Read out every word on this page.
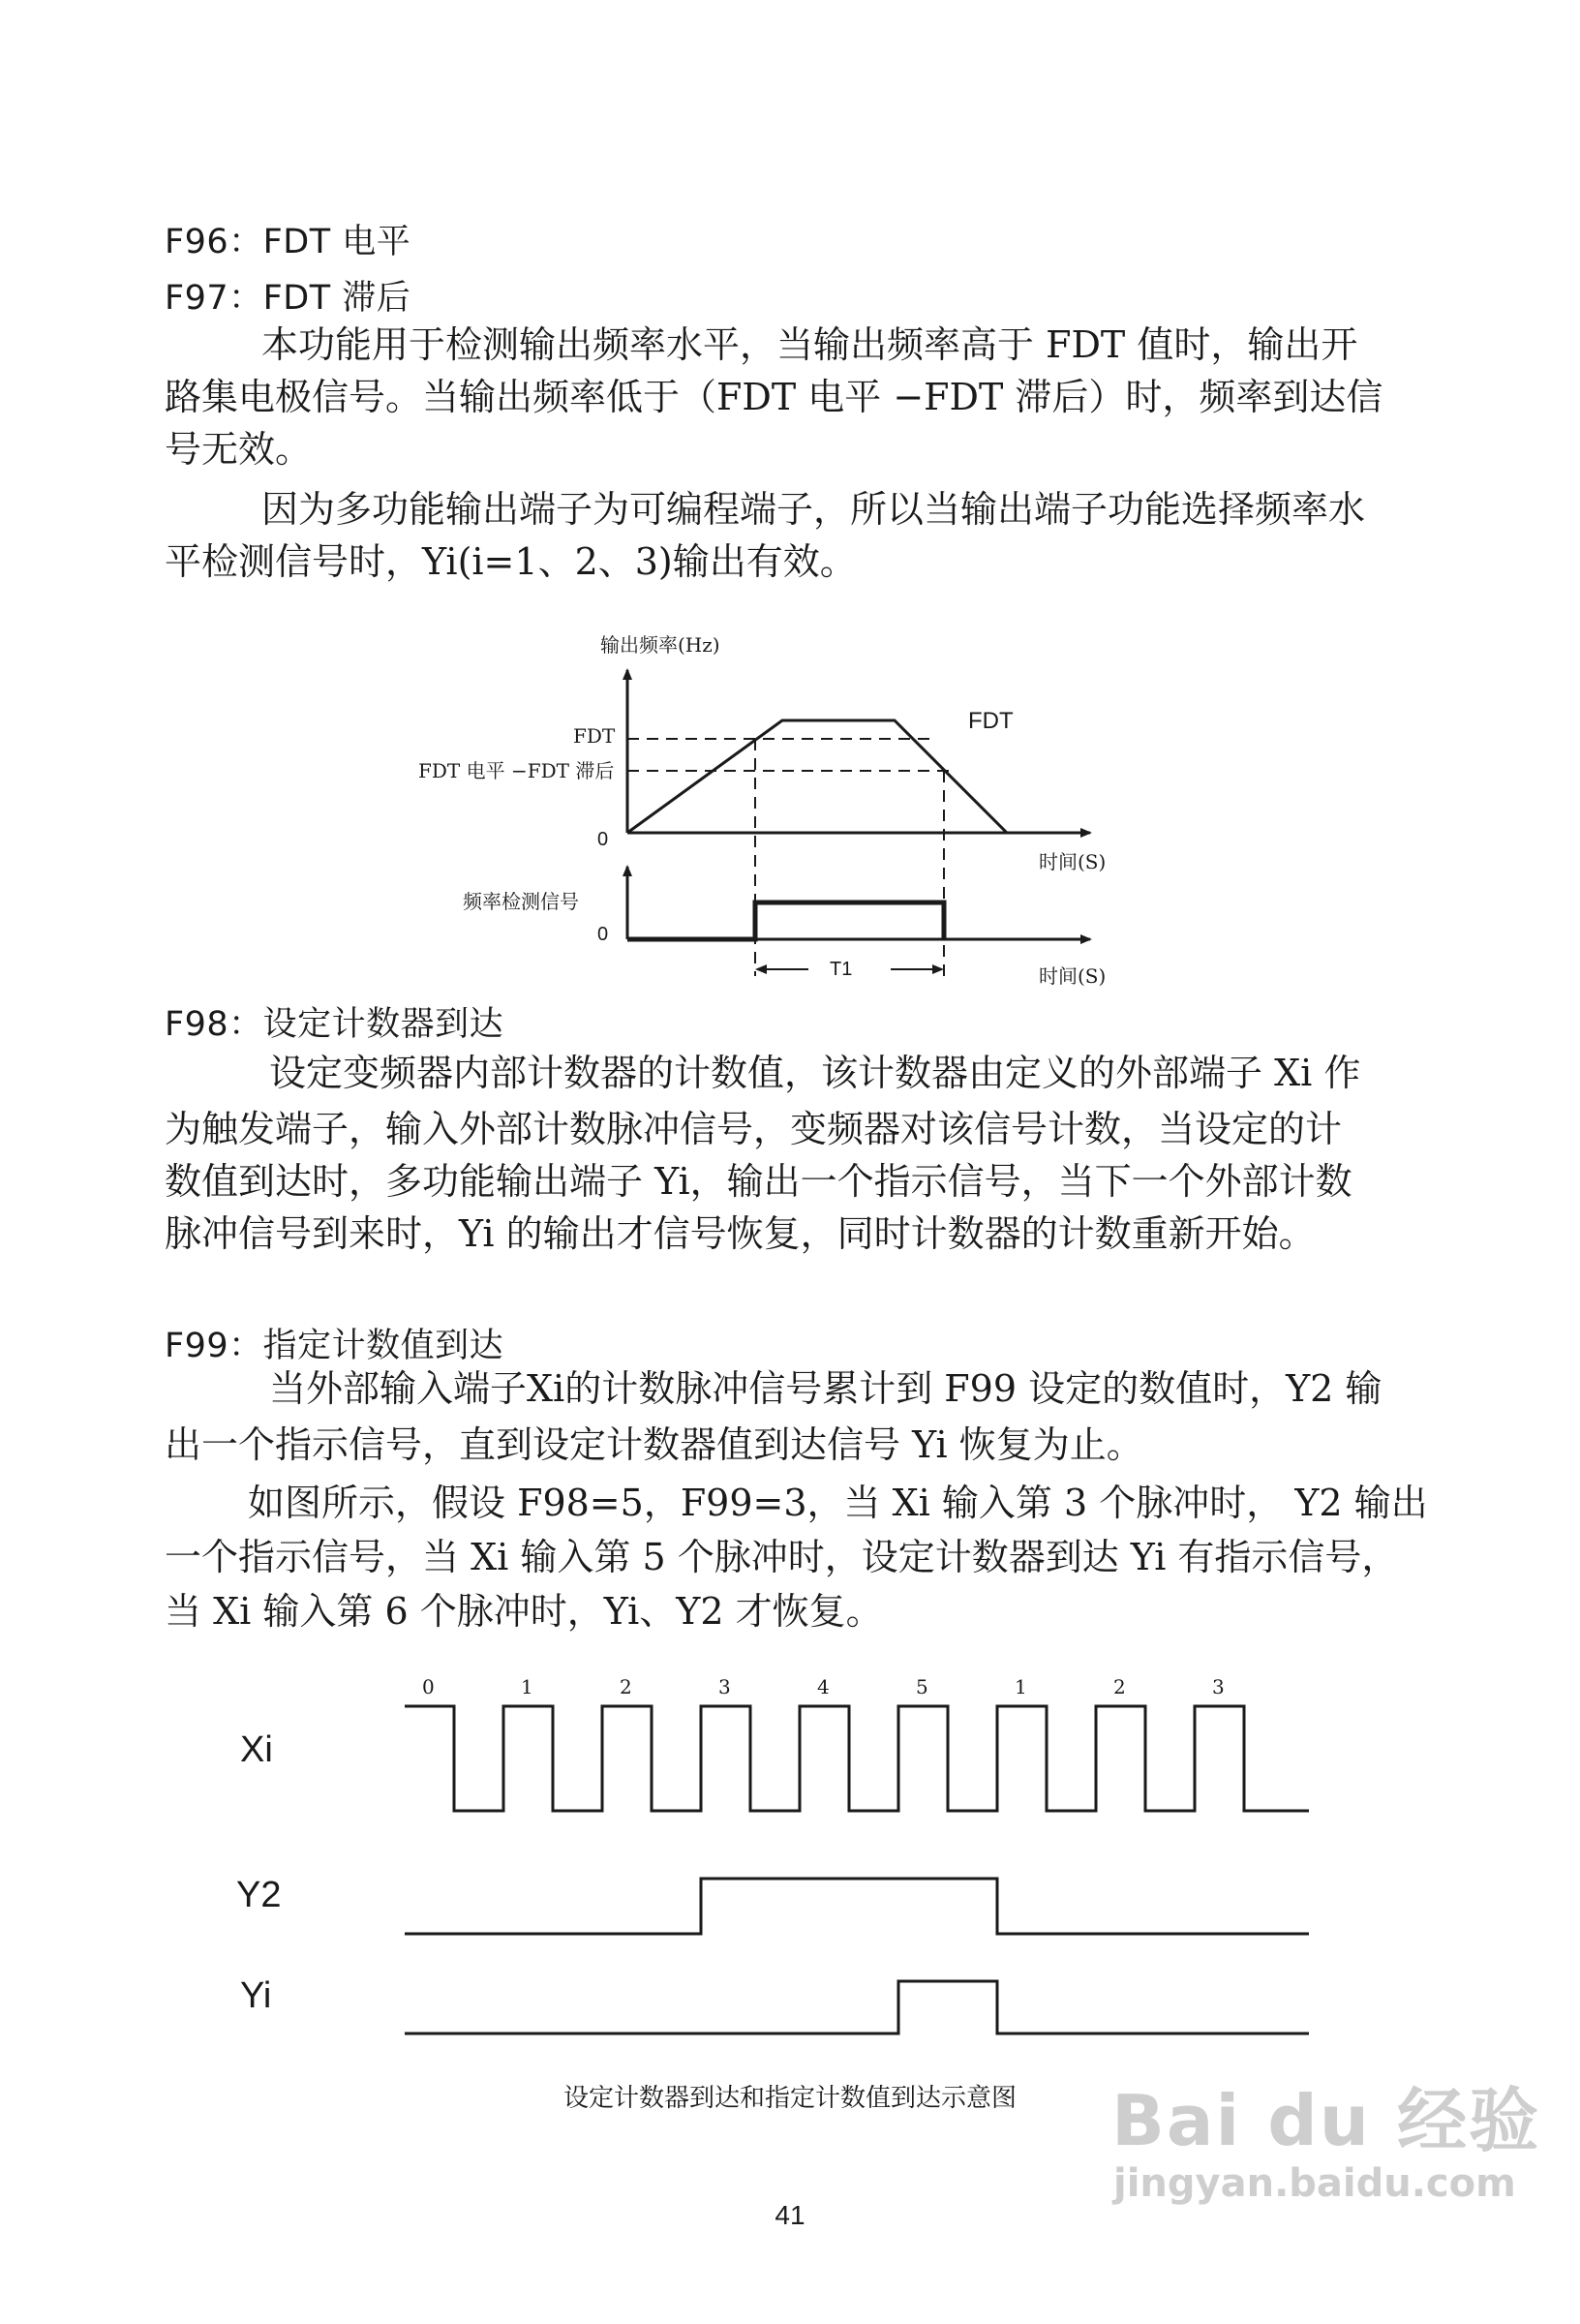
F96：FDT 电平
F97：FDT 滞后
本功能用于检测输出频率水平，当输出频率高于 FDT 值时，输出开
路集电极信号。当输出频率低于（FDT 电平 −FDT 滞后）时，频率到达信
号无效。
因为多功能输出端子为可编程端子，所以当输出端子功能选择频率水
平检测信号时，Yi(i=1、2、3)输出有效。
输出频率(Hz)
FDT
FDT 电平 −FDT 滞后
FDT
0
时间(S)
频率检测信号
0
T1	时间(S)
F98：设定计数器到达
设定变频器内部计数器的计数值，该计数器由定义的外部端子 Xi 作
为触发端子，输入外部计数脉冲信号，变频器对该信号计数，当设定的计
数值到达时，多功能输出端子 Yi，输出一个指示信号，当下一个外部计数
脉冲信号到来时，Yi 的输出才信号恢复，同时计数器的计数重新开始。
F99：指定计数值到达
当外部输入端子Xi的计数脉冲信号累计到 F99 设定的数值时，Y2 输
出一个指示信号，直到设定计数器值到达信号 Yi 恢复为止。
如图所示，假设 F98=5，F99=3，当 Xi 输入第 3 个脉冲时， Y2 输出
一个指示信号，当 Xi 输入第 5 个脉冲时，设定计数器到达 Yi 有指示信号，
当 Xi 输入第 6 个脉冲时，Yi、Y2 才恢复。
Xi
Y2
Yi
0	1	2	3	4	5	1	2	3
设定计数器到达和指定计数值到达示意图
41
Bai du 经验
jingyan.baidu.com
